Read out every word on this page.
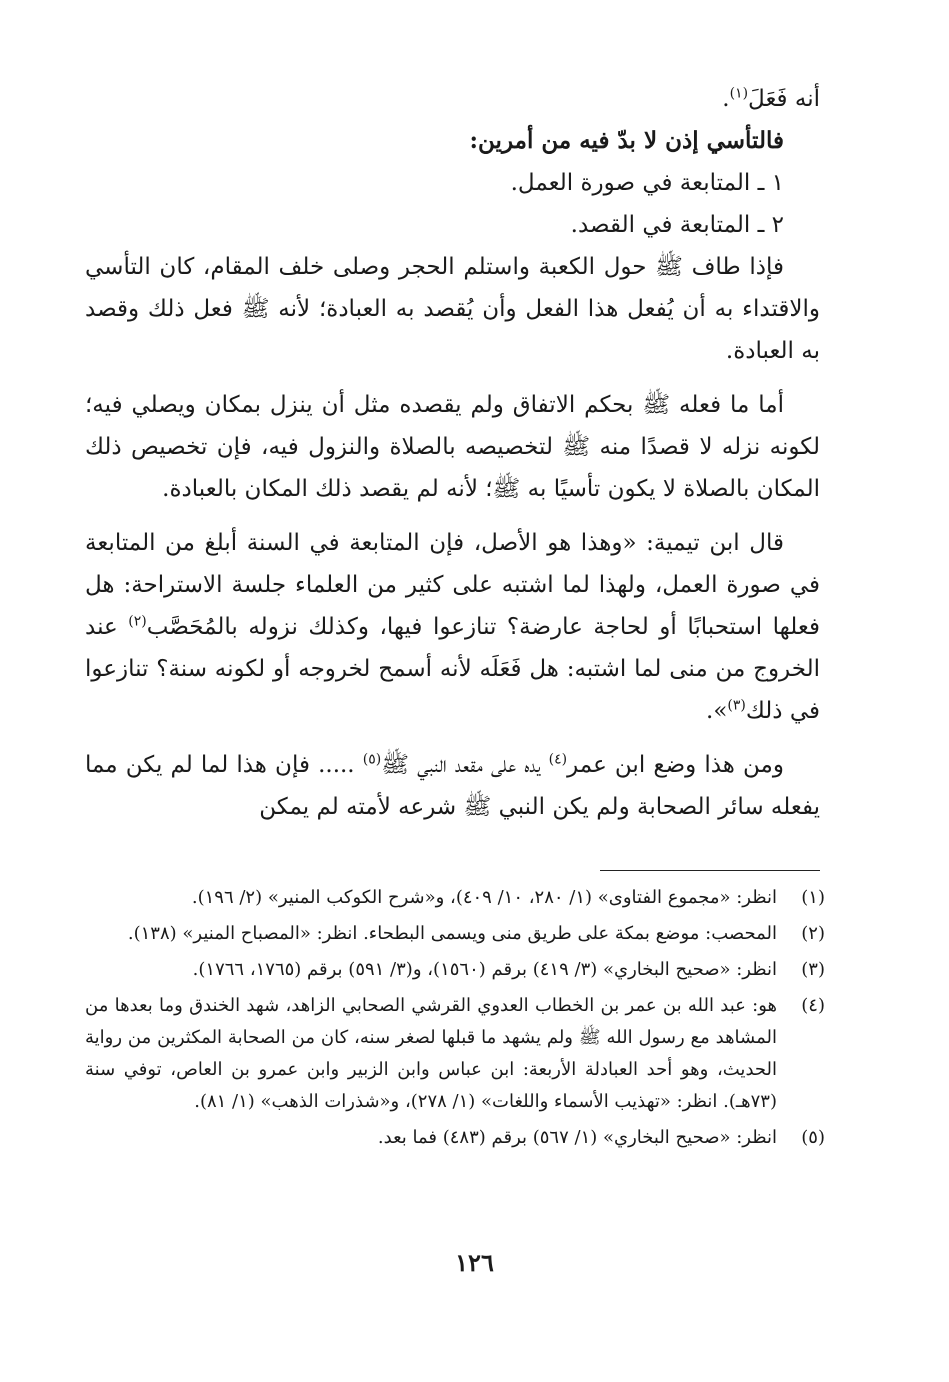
أنه فَعَلَ$^{(١)}$.

فالتأسي إذن لا بدّ فيه من أمرين:

١ ـ المتابعة في صورة العمل.

٢ ـ المتابعة في القصد.

فإذا طاف ﷺ حول الكعبة واستلم الحجر وصلى خلف المقام، كان التأسي والاقتداء به أن يُفعل هذا الفعل وأن يُقصد به العبادة؛ لأنه ﷺ فعل ذلك وقصد به العبادة.

أما ما فعله ﷺ بحكم الاتفاق ولم يقصده مثل أن ينزل بمكان ويصلي فيه؛ لكونه نزله لا قصدًا منه ﷺ لتخصيصه بالصلاة والنزول فيه، فإن تخصيص ذلك المكان بالصلاة لا يكون تأسيًا به ﷺ؛ لأنه لم يقصد ذلك المكان بالعبادة.

قال ابن تيمية: «وهذا هو الأصل، فإن المتابعة في السنة أبلغ من المتابعة في صورة العمل، ولهذا لما اشتبه على كثير من العلماء جلسة الاستراحة: هل فعلها استحبابًا أو لحاجة عارضة؟ تنازعوا فيها، وكذلك نزوله بالمُحَصَّب$^{(٢)}$ عند الخروج من منى لما اشتبه: هل فَعَلَه لأنه أسمح لخروجه أو لكونه سنة؟ تنازعوا في ذلك$^{(٣)}$».

ومن هذا وضع ابن عمر$^{(٤)}$ يده على مقعد النبي ﷺ$^{(٥)}$ ..... فإن هذا لما لم يكن مما يفعله سائر الصحابة ولم يكن النبي ﷺ شرعه لأمته لم يمكن

(١)
انظر: «مجموع الفتاوى» (١/ ٢٨٠، ١٠/ ٤٠٩)، و«شرح الكوكب المنير» (٢/ ١٩٦).
(٢)
المحصب: موضع بمكة على طريق منى ويسمى البطحاء. انظر: «المصباح المنير» (١٣٨).
(٣)
انظر: «صحيح البخاري» (٣/ ٤١٩) برقم (١٥٦٠)، و(٣/ ٥٩١) برقم (١٧٦٥، ١٧٦٦).
(٤)
هو: عبد الله بن عمر بن الخطاب العدوي القرشي الصحابي الزاهد، شهد الخندق وما بعدها من المشاهد مع رسول الله ﷺ ولم يشهد ما قبلها لصغر سنه، كان من الصحابة المكثرين من رواية الحديث، وهو أحد العبادلة الأربعة: ابن عباس وابن الزبير وابن عمرو بن العاص، توفي سنة (٧٣هـ). انظر: «تهذيب الأسماء واللغات» (١/ ٢٧٨)، و«شذرات الذهب» (١/ ٨١).
(٥)
انظر: «صحيح البخاري» (١/ ٥٦٧) برقم (٤٨٣) فما بعد.
١٢٦
